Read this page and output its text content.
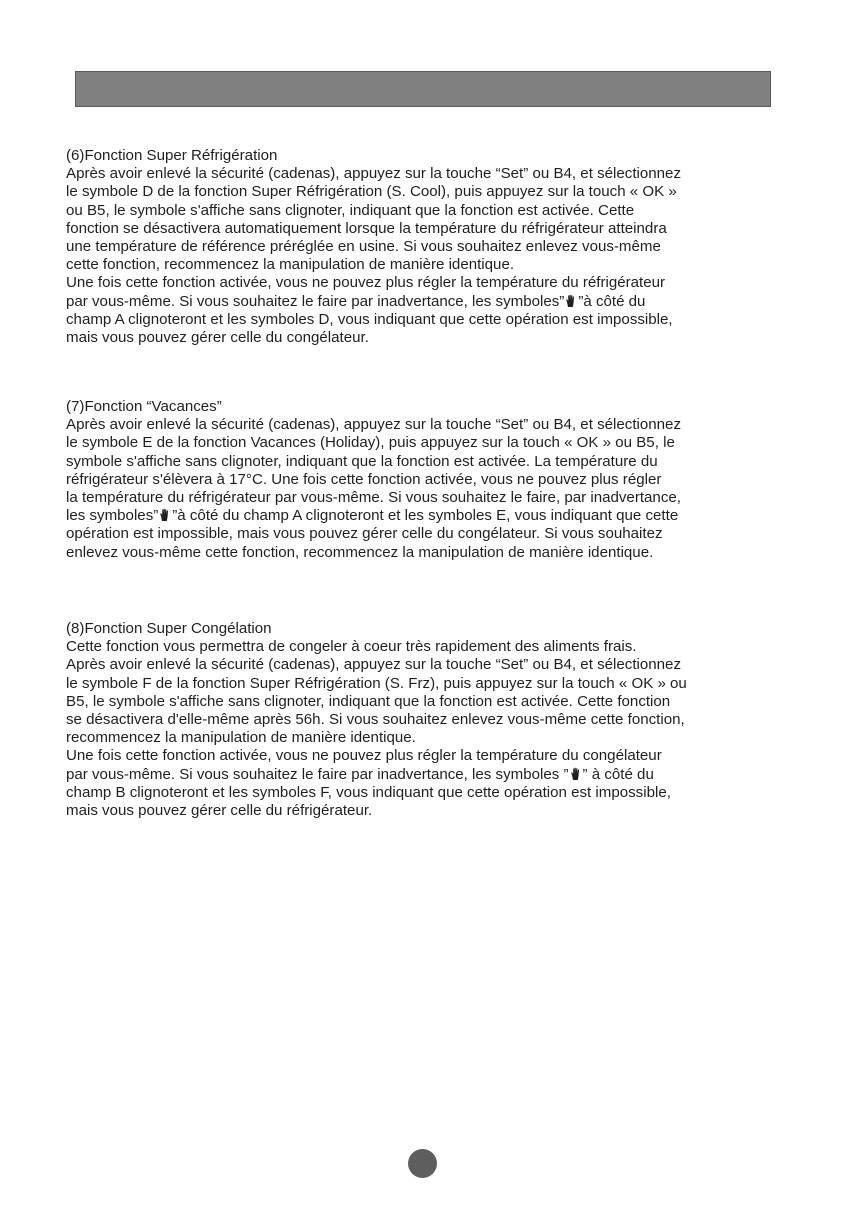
(6)Fonction Super Réfrigération
Après avoir enlevé la sécurité (cadenas), appuyez sur la touche “Set” ou B4, et sélectionnez
le symbole D de la fonction Super Réfrigération (S. Cool), puis appuyez sur la touch « OK »
ou B5, le symbole s'affiche sans clignoter, indiquant que la fonction est activée. Cette
fonction se désactivera automatiquement lorsque la température du réfrigérateur atteindra
une température de référence préréglée en usine. Si vous souhaitez enlevez vous-même
cette fonction, recommencez la manipulation de manière identique.
Une fois cette fonction activée, vous ne pouvez plus régler la température du réfrigérateur
par vous-même. Si vous souhaitez le faire par inadvertance, les symboles” ”à côté du
champ A clignoteront et les symboles D, vous indiquant que cette opération est impossible,
mais vous pouvez gérer celle du congélateur.
(7)Fonction “Vacances”
Après avoir enlevé la sécurité (cadenas), appuyez sur la touche “Set” ou B4, et sélectionnez
le symbole E de la fonction Vacances (Holiday), puis appuyez sur la touch « OK » ou B5, le
symbole s'affiche sans clignoter, indiquant que la fonction est activée. La température du
réfrigérateur s'élèvera à 17°C. Une fois cette fonction activée, vous ne pouvez plus régler
la température du réfrigérateur par vous-même. Si vous souhaitez le faire, par inadvertance,
les symboles” ”à côté du champ A clignoteront et les symboles E, vous indiquant que cette
opération est impossible, mais vous pouvez gérer celle du congélateur. Si vous souhaitez
enlevez vous-même cette fonction, recommencez la manipulation de manière identique.
(8)Fonction Super Congélation
Cette fonction vous permettra de congeler à coeur très rapidement des aliments frais.
Après avoir enlevé la sécurité (cadenas), appuyez sur la touche “Set” ou B4, et sélectionnez
le symbole F de la fonction Super Réfrigération (S. Frz), puis appuyez sur la touch « OK » ou
B5, le symbole s'affiche sans clignoter, indiquant que la fonction est activée. Cette fonction
se désactivera d'elle-même après 56h. Si vous souhaitez enlevez vous-même cette fonction,
recommencez la manipulation de manière identique.
Une fois cette fonction activée, vous ne pouvez plus régler la température du congélateur
par vous-même. Si vous souhaitez le faire par inadvertance, les symboles ” ” à côté du
champ B clignoteront et les symboles F, vous indiquant que cette opération est impossible,
mais vous pouvez gérer celle du réfrigérateur.
